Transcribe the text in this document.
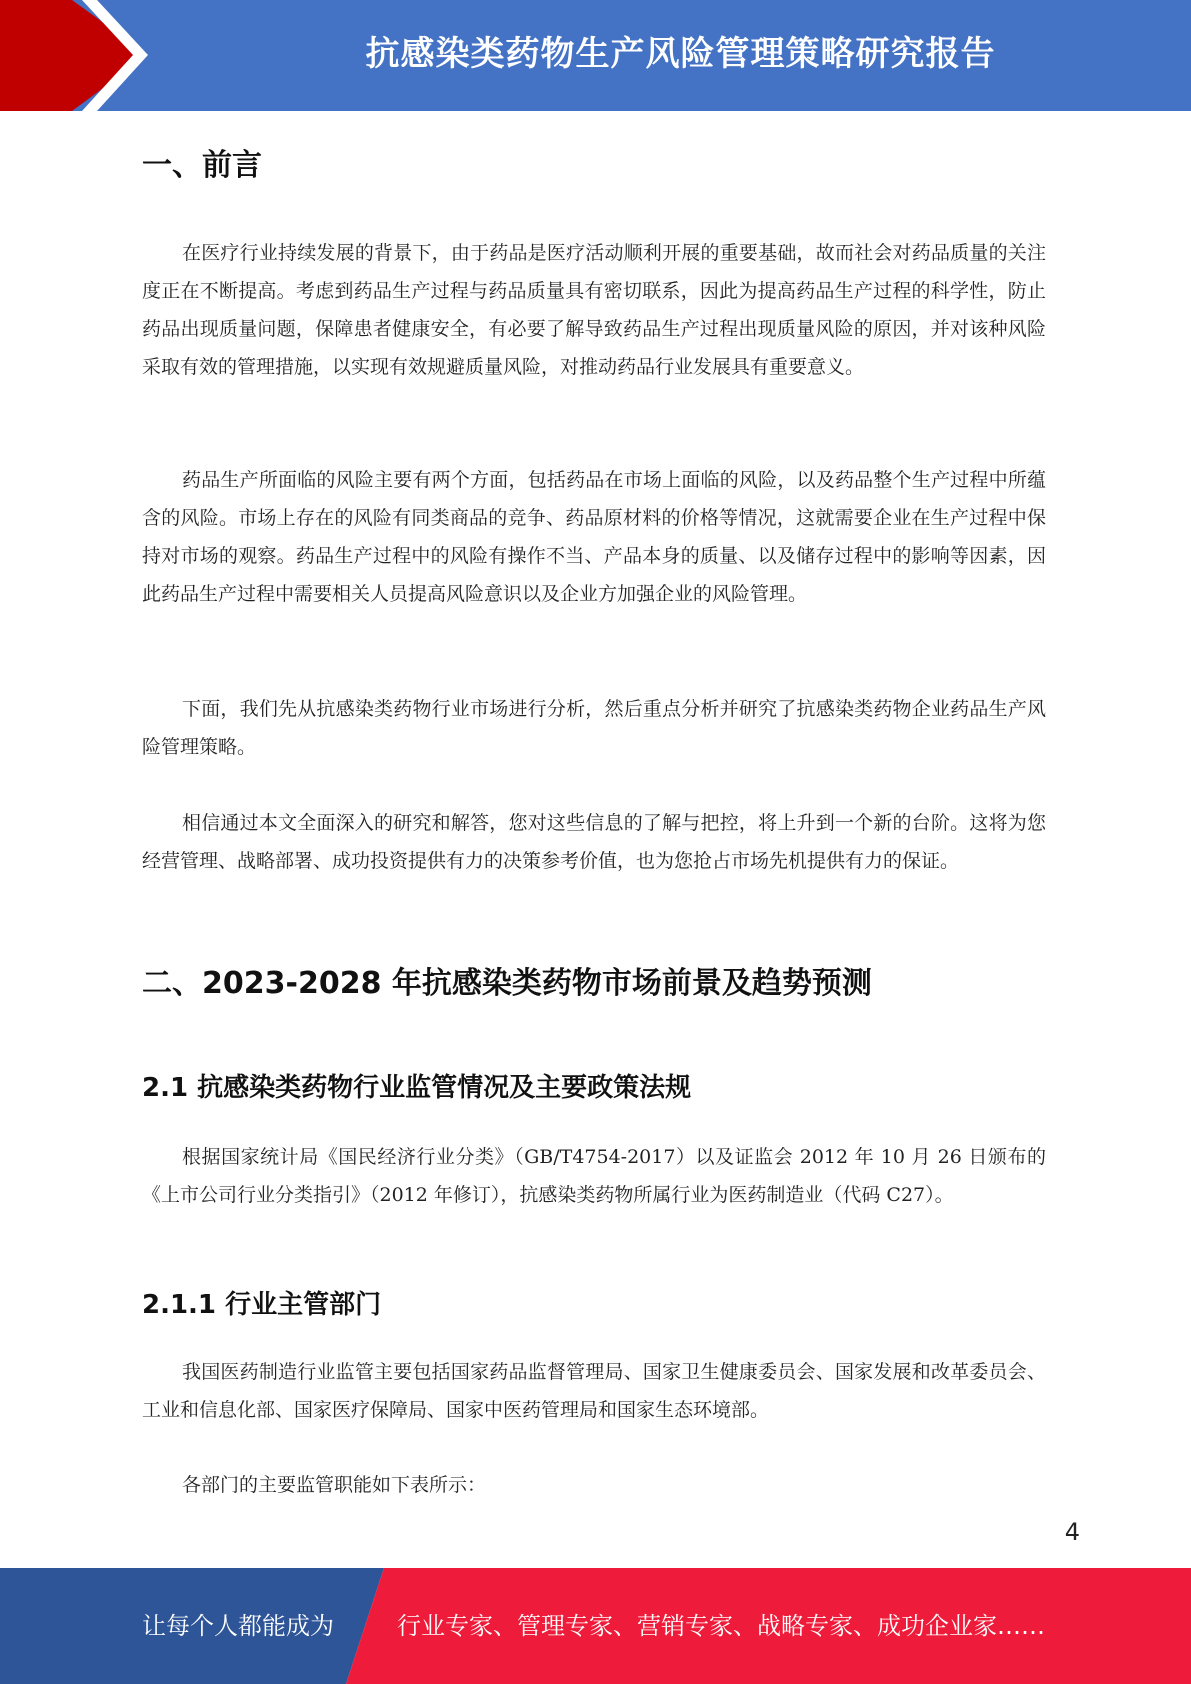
抗感染类药物生产风险管理策略研究报告
一、前言

在医疗行业持续发展的背景下，由于药品是医疗活动顺利开展的重要基础，故而社会对药品质量的关注度正在不断提高。考虑到药品生产过程与药品质量具有密切联系，因此为提高药品生产过程的科学性，防止药品出现质量问题，保障患者健康安全，有必要了解导致药品生产过程出现质量风险的原因，并对该种风险采取有效的管理措施，以实现有效规避质量风险，对推动药品行业发展具有重要意义。

药品生产所面临的风险主要有两个方面，包括药品在市场上面临的风险，以及药品整个生产过程中所蕴含的风险。市场上存在的风险有同类商品的竞争、药品原材料的价格等情况，这就需要企业在生产过程中保持对市场的观察。药品生产过程中的风险有操作不当、产品本身的质量、以及储存过程中的影响等因素，因此药品生产过程中需要相关人员提高风险意识以及企业方加强企业的风险管理。

下面，我们先从抗感染类药物行业市场进行分析，然后重点分析并研究了抗感染类药物企业药品生产风险管理策略。

相信通过本文全面深入的研究和解答，您对这些信息的了解与把控，将上升到一个新的台阶。这将为您经营管理、战略部署、成功投资提供有力的决策参考价值，也为您抢占市场先机提供有力的保证。

二、2023-2028 年抗感染类药物市场前景及趋势预测
2.1 抗感染类药物行业监管情况及主要政策法规

根据国家统计局《国民经济行业分类》（GB/T4754-2017）以及证监会 2012 年 10 月 26 日颁布的《上市公司行业分类指引》（2012 年修订），抗感染类药物所属行业为医药制造业（代码 C27）。

2.1.1 行业主管部门

我国医药制造行业监管主要包括国家药品监督管理局、国家卫生健康委员会、国家发展和改革委员会、工业和信息化部、国家医疗保障局、国家中医药管理局和国家生态环境部。

各部门的主要监管职能如下表所示：

4
让每个人都能成为	行业专家、管理专家、营销专家、战略专家、成功企业家……
